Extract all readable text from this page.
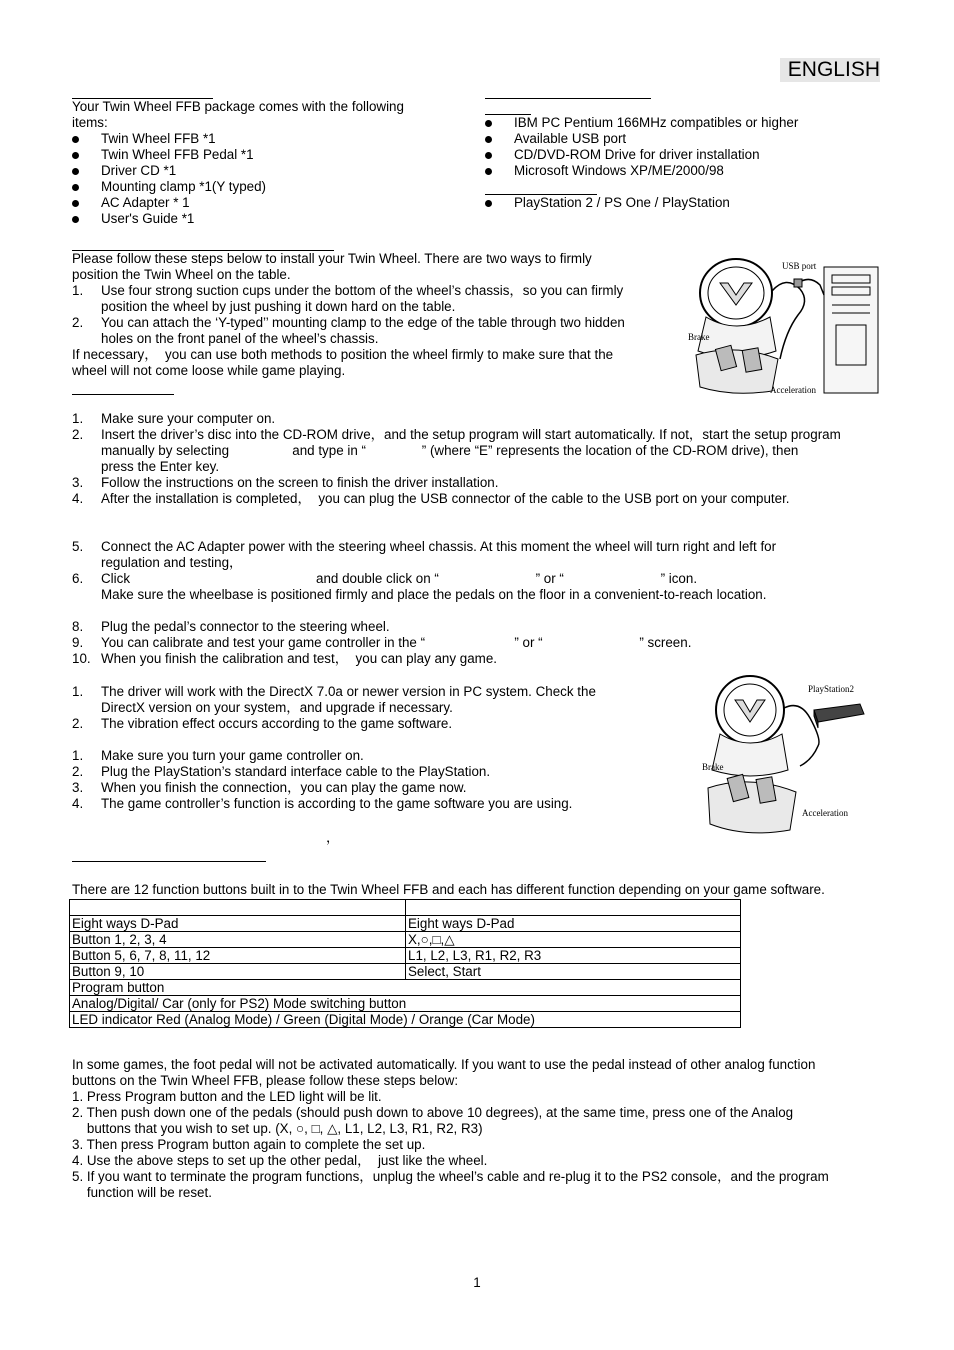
ENGLISH
Your Twin Wheel FFB package comes with the following
items:
Twin Wheel FFB *1
Twin Wheel FFB Pedal *1
Driver CD *1
Mounting clamp *1(Y typed)
AC Adapter * 1
User's Guide *1
IBM PC Pentium 166MHz compatibles or higher
Available USB port
CD/DVD-ROM Drive for driver installation
Microsoft Windows XP/ME/2000/98
PlayStation 2 / PS One / PlayStation
Please follow these steps below to install your Twin Wheel. There are two ways to firmly
position the Twin Wheel on the table.
1. Use four strong suction cups under the bottom of the wheel’s chassis，so you can firmly
position the wheel by just pushing it down hard on the table.
2. You can attach the ‘Y-typed’’ mounting clamp to the edge of the table through two hidden
holes on the front panel of the wheel’s chassis.
If necessary，  you can use both methods to position the wheel firmly to make sure that the
wheel will not come loose while game playing.
USB port
Brake
Acceleration
1. Make sure your computer on.
2. Insert the driver’s disc into the CD-ROM drive，and the setup program will start automatically. If not，start the setup program
manually by selecting                 and type in “               ” (where “E” represents the location of the CD-ROM drive), then
press the Enter key.
3. Follow the instructions on the screen to finish the driver installation.
4. After the installation is completed，  you can plug the USB connector of the cable to the USB port on your computer.
5. Connect the AC Adapter power with the steering wheel chassis. At this moment the wheel will turn right and left for
regulation and testing，
6. Click                                                  and double click on “                          ” or “                          ” icon.
Make sure the wheelbase is positioned firmly and place the pedals on the floor in a convenient-to-reach location.
8. Plug the pedal’s connector to the steering wheel.
9. You can calibrate and test your game controller in the “                        ” or “                          ” screen.
10. When you finish the calibration and test，  you can play any game.
1. The driver will work with the DirectX 7.0a or newer version in PC system. Check the
DirectX version on your system，and upgrade if necessary.
2. The vibration effect occurs according to the game software.
1. Make sure you turn your game controller on.
2. Plug the PlayStation’s standard interface cable to the PlayStation.
3. When you finish the connection，you can play the game now.
4. The game controller’s function is according to the game software you are using.
PlayStation2
Brake
Acceleration
，
There are 12 function buttons built in to the Twin Wheel FFB and each has different function depending on your game software.

Eight ways D-Pad	Eight ways D-Pad
Button 1, 2, 3, 4	X,○,□,△
Button 5, 6, 7, 8, 11, 12	L1, L2, L3, R1, R2, R3
Button 9, 10	Select, Start
Program button	
Analog/Digital/ Car (only for PS2) Mode switching button	
LED indicator Red (Analog Mode) / Green (Digital Mode) / Orange (Car Mode)	
In some games, the foot pedal will not be activated automatically. If you want to use the pedal instead of other analog function
buttons on the Twin Wheel FFB, please follow these steps below:
1. Press Program button and the LED light will be lit.
2. Then push down one of the pedals (should push down to above 10 degrees), at the same time, press one of the Analog
buttons that you wish to set up. (X, ○, □, △, L1, L2, L3, R1, R2, R3)
3. Then press Program button again to complete the set up.
4. Use the above steps to set up the other pedal，  just like the wheel.
5. If you want to terminate the program functions，unplug the wheel’s cable and re-plug it to the PS2 console，and the program
function will be reset.
1
